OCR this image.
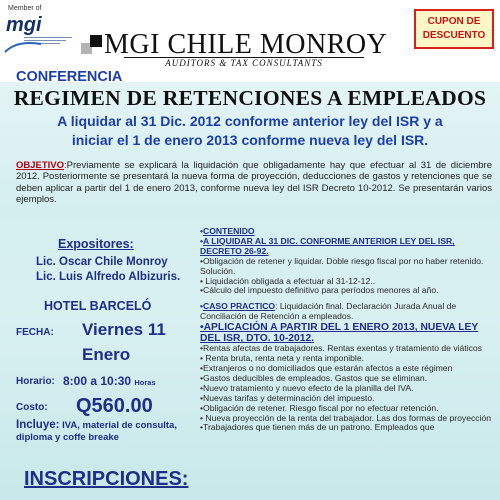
Member of
mgi
MGI CHILE MONROY
AUDITORS & TAX CONSULTANTS
CUPON DE DESCUENTO
CONFERENCIA
REGIMEN DE RETENCIONES A EMPLEADOS
A liquidar al 31 Dic. 2012 conforme anterior ley del ISR y a
iniciar el 1 de enero 2013 conforme nueva ley del ISR.
OBJETIVO:Previamente se explicará la liquidación que obligadamente hay que efectuar al 31 de diciembre 2012. Posteriormente se presentará la nueva forma de proyección, deducciones de gastos y retenciones que se deben aplicar a partir del 1 de enero 2013, conforme nueva ley del ISR Decreto 10-2012. Se presentarán varios ejemplos.
Expositores:
Lic. Oscar Chile Monroy
Lic. Luis Alfredo Albizuris.
HOTEL BARCELÓ
FECHA: Viernes 11
Enero
Horario: 8:00 a 10:30 Horas
Costo: Q560.00
Incluye: IVA, material de consulta, diploma y coffe breake
INSCRIPCIONES:
•CONTENIDO
•A LIQUIDAR AL 31 DIC. CONFORME ANTERIOR LEY DEL ISR, DECRETO 26-92.
•Obligación de retener y liquidar. Doble riesgo fiscal por no haber retenido. Solución.
• Liquidación obligada a efectuar al 31-12-12..
•Cálculo del impuesto definitivo para períodos menores al año.
•CASO PRACTICO: Liquidación final. Declaración Jurada Anual de Conciliación de Retención a empleados.
•APLICACIÓN A PARTIR DEL 1 ENERO 2013, NUEVA LEY DEL ISR, DTO. 10-2012.
•Rentas afectas de trabajadores. Rentas exentas y tratamiento de viáticos
• Renta bruta, renta neta y renta imponible.
•Extranjeros o no domiciliados que estarán afectos a este régimen
•Gastos deducibles de empleados. Gastos que se eliminan.
•Nuevo tratamiento y nuevo efecto de la planilla del IVA.
•Nuevas tarifas y determinación del impuesto.
•Obligación de retener. Riesgo fiscal por no efectuar retención.
• Nueva proyección de la renta del trabajador. Las dos formas de proyección
•Trabajadores que tienen más de un patrono. Empleados que
